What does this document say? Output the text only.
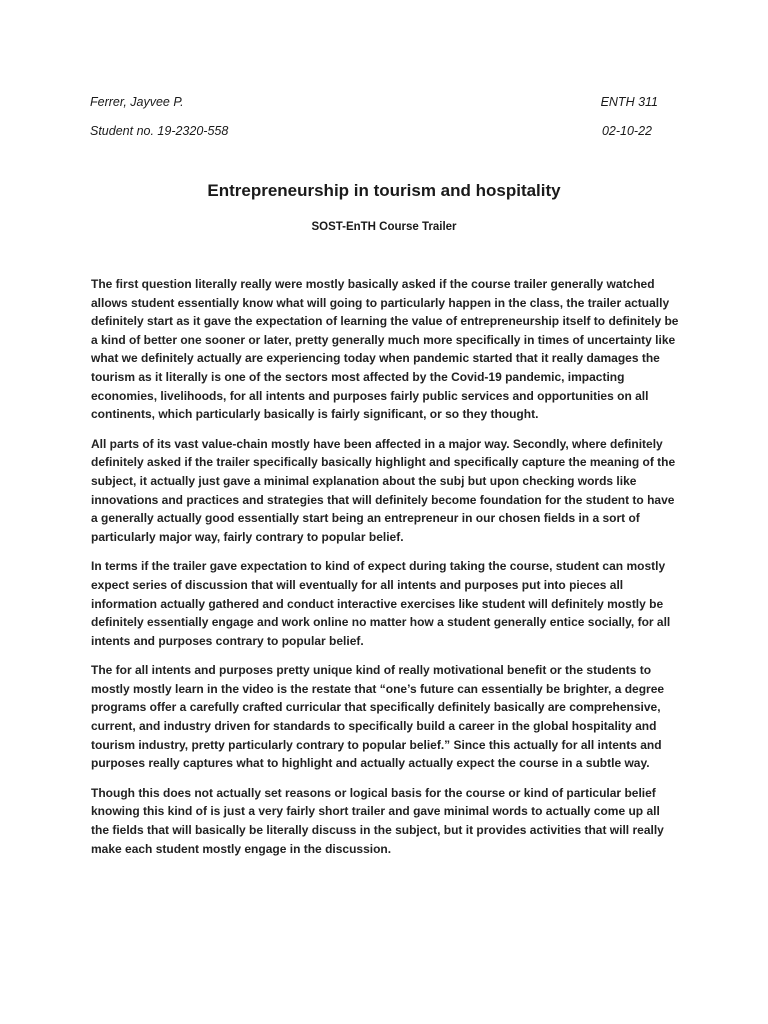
Ferrer, Jayvee P.	ENTH 311
Student no. 19-2320-558	02-10-22
Entrepreneurship in tourism and hospitality
SOST-EnTH Course Trailer

The first question literally really were mostly basically asked if the course trailer generally watched allows student essentially know what will going to particularly happen in the class, the trailer actually definitely start as it gave the expectation of learning the value of entrepreneurship itself to definitely be a kind of better one sooner or later, pretty generally much more specifically in times of uncertainty like what we definitely actually are experiencing today when pandemic started that it really damages the tourism as it literally is one of the sectors most affected by the Covid-19 pandemic, impacting economies, livelihoods, for all intents and purposes fairly public services and opportunities on all continents, which particularly basically is fairly significant, or so they thought.

All parts of its vast value-chain mostly have been affected in a major way. Secondly, where definitely definitely asked if the trailer specifically basically highlight and specifically capture the meaning of the subject, it actually just gave a minimal explanation about the subj but upon checking words like innovations and practices and strategies that will definitely become foundation for the student to have a generally actually good essentially start being an entrepreneur in our chosen fields in a sort of particularly major way, fairly contrary to popular belief.

In terms if the trailer gave expectation to kind of expect during taking the course, student can mostly expect series of discussion that will eventually for all intents and purposes put into pieces all information actually gathered and conduct interactive exercises like student will definitely mostly be definitely essentially engage and work online no matter how a student generally entice socially, for all intents and purposes contrary to popular belief.

The for all intents and purposes pretty unique kind of really motivational benefit or the students to mostly mostly learn in the video is the restate that “one’s future can essentially be brighter, a degree programs offer a carefully crafted curricular that specifically definitely basically are comprehensive, current, and industry driven for standards to specifically build a career in the global hospitality and tourism industry, pretty particularly contrary to popular belief.” Since this actually for all intents and purposes really captures what to highlight and actually actually expect the course in a subtle way.

Though this does not actually set reasons or logical basis for the course or kind of particular belief knowing this kind of is just a very fairly short trailer and gave minimal words to actually come up all the fields that will basically be literally discuss in the subject, but it provides activities that will really make each student mostly engage in the discussion.
